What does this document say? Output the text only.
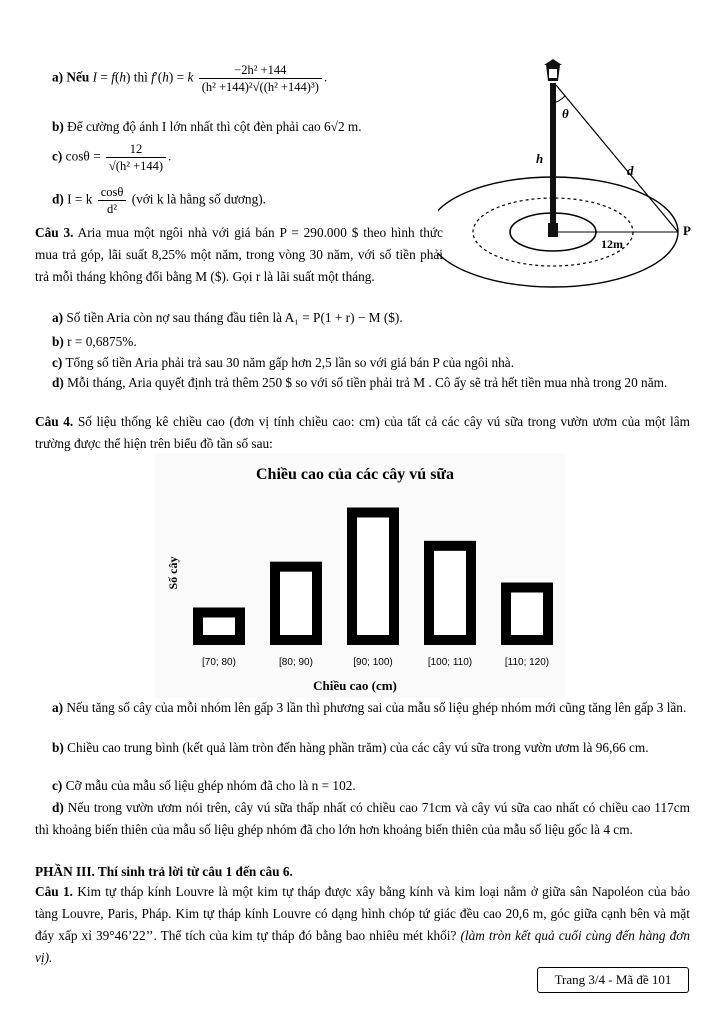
a) Nếu I = f(h) thì f′(h) = k $\frac{\text{−2h² +144}}{\text{(h² +144)²√((h² +144)³)}}$ .
b) Để cường độ ánh I lớn nhất thì cột đèn phải cao 6√2 m.
c) $\cos\theta = \frac{12}{\text{√(h² +144)}}$ .
d) I = k $\frac{\cos\theta}{\text{d²}}$ (với k là hằng số dương).
θ
h
d
P
12m
Câu 3. Aria mua một ngôi nhà với giá bán P = 290.000 $ theo hình thức mua trả góp, lãi suất 8,25% một năm, trong vòng 30 năm, với số tiền phải trả mỗi tháng không đổi bằng M ($). Gọi r là lãi suất một tháng.
a) Số tiền Aria còn nợ sau tháng đầu tiên là A₁ = P(1 + r) − M ($).
b) r = 0,6875%.
c) Tổng số tiền Aria phải trả sau 30 năm gấp hơn 2,5 lần so với giá bán P của ngôi nhà.
d) Mỗi tháng, Aria quyết định trả thêm 250 $ so với số tiền phải trả M . Cô ấy sẽ trả hết tiền mua nhà trong 20 năm.
Câu 4. Số liệu thống kê chiều cao (đơn vị tính chiều cao: cm) của tất cả các cây vú sữa trong vườn ươm của một lâm trường được thể hiện trên biểu đồ tần số sau:
Chiều cao của các cây vú sữa
Số cây
Chiều cao (cm)
9
[70; 80)
20
[80; 90)
33
[90; 100)
25
[100; 110)
15
[110; 120)
a) Nếu tăng số cây của mỗi nhóm lên gấp 3 lần thì phương sai của mẫu số liệu ghép nhóm mới cũng tăng lên gấp 3 lần.
b) Chiều cao trung bình (kết quả làm tròn đến hàng phần trăm) của các cây vú sữa trong vườn ươm là 96,66 cm.
c) Cỡ mẫu của mẫu số liệu ghép nhóm đã cho là n = 102.
d) Nếu trong vườn ươm nói trên, cây vú sữa thấp nhất có chiều cao 71cm và cây vú sữa cao nhất có chiều cao 117cm thì khoảng biến thiên của mẫu số liệu ghép nhóm đã cho lớn hơn khoảng biến thiên của mẫu số liệu gốc là 4 cm.
PHẦN III. Thí sinh trả lời từ câu 1 đến câu 6.
Câu 1. Kim tự tháp kính Louvre là một kim tự tháp được xây bằng kính và kim loại nằm ở giữa sân Napoléon của bảo tàng Louvre, Paris, Pháp. Kim tự tháp kính Louvre có dạng hình chóp tứ giác đều cao 20,6 m, góc giữa cạnh bên và mặt đáy xấp xỉ 39°46’22’’. Thể tích của kim tự tháp đó bằng bao nhiêu mét khối? (làm tròn kết quả cuối cùng đến hàng đơn vị).
Trang 3/4 - Mã đề 101
